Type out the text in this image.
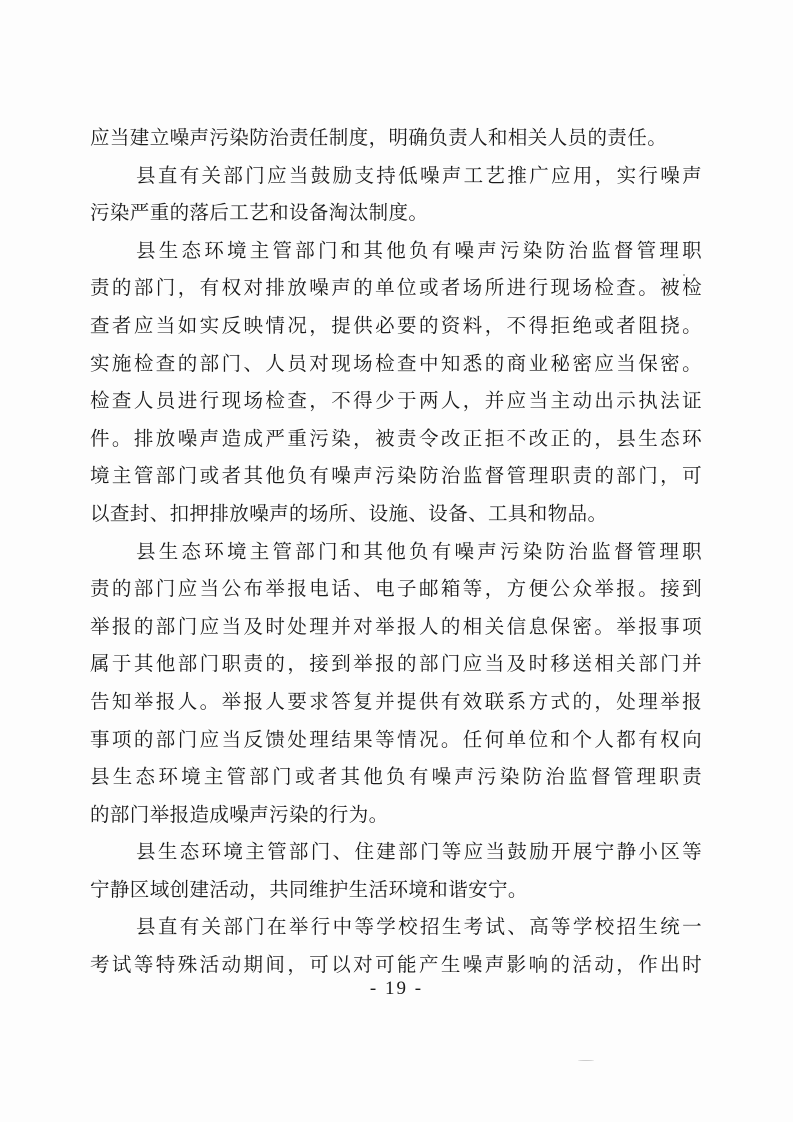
应当建立噪声污染防治责任制度，明确负责人和相关人员的责任。
县直有关部门应当鼓励支持低噪声工艺推广应用，实行噪声
污染严重的落后工艺和设备淘汰制度。
县生态环境主管部门和其他负有噪声污染防治监督管理职
责的部门，有权对排放噪声的单位或者场所进行现场检查。被检
查者应当如实反映情况，提供必要的资料，不得拒绝或者阻挠。
实施检查的部门、人员对现场检查中知悉的商业秘密应当保密。
检查人员进行现场检查，不得少于两人，并应当主动出示执法证
件。排放噪声造成严重污染，被责令改正拒不改正的，县生态环
境主管部门或者其他负有噪声污染防治监督管理职责的部门，可
以查封、扣押排放噪声的场所、设施、设备、工具和物品。
县生态环境主管部门和其他负有噪声污染防治监督管理职
责的部门应当公布举报电话、电子邮箱等，方便公众举报。接到
举报的部门应当及时处理并对举报人的相关信息保密。举报事项
属于其他部门职责的，接到举报的部门应当及时移送相关部门并
告知举报人。举报人要求答复并提供有效联系方式的，处理举报
事项的部门应当反馈处理结果等情况。任何单位和个人都有权向
县生态环境主管部门或者其他负有噪声污染防治监督管理职责
的部门举报造成噪声污染的行为。
县生态环境主管部门、住建部门等应当鼓励开展宁静小区等
宁静区域创建活动，共同维护生活环境和谐安宁。
县直有关部门在举行中等学校招生考试、高等学校招生统一
考试等特殊活动期间，可以对可能产生噪声影响的活动，作出时
- 19 -
